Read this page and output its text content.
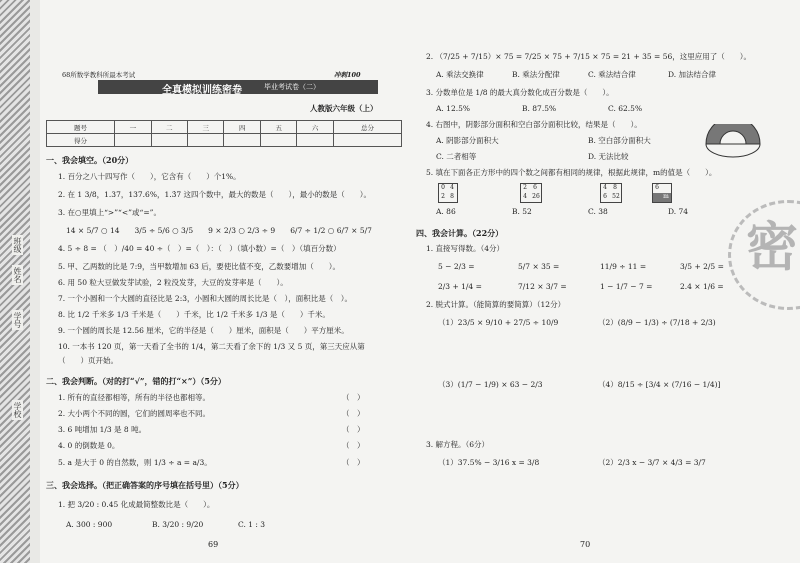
班级
姓名
学号
学校
68所数学教科所最本考试	冲刺100
全真模拟训练密卷	毕业考试卷（二）
人教版六年级（上）
题号	一	二	三	四	五	六	总分
得分							
一、我会填空。（20分）
1. 百分之八十四写作（　　），它含有（　　）个1%。
2. 在 1 3/8，1.37，137.6%，1.3̇7 这四个数中，最大的数是（　　），最小的数是（　　）。
3. 在○里填上“>”“<”或“=”。
14 × 5/7 ○ 14　　3/5 ÷ 5/6 ○ 3/5　　9 × 2/3 ○ 2/3 ÷ 9　　6/7 ÷ 1/2 ○ 6/7 × 5/7
4. 5 ÷ 8 = （　）/40 = 40 ÷（　）=（　）：（　）（填小数）=（　）（填百分数）
5. 甲、乙两数的比是 7:9，当甲数增加 63 后，要使比值不变，乙数要增加（　　）。
6. 用 50 粒大豆做发芽试验，2 粒没发芽，大豆的发芽率是（　　）。
7. 一个小圆和一个大圆的直径比是 2:3，小圆和大圆的周长比是（　），面积比是（　）。
8. 比 1/2 千米多 1/3 千米是（　　）千米，比 1/2 千米多 1/3 是（　　）千米。
9. 一个圆的周长是 12.56 厘米，它的半径是（　　）厘米，面积是（　　）平方厘米。
10. 一本书 120 页，第一天看了全书的 1/4，第二天看了余下的 1/3 又 5 页，第三天应从第
（　　）页开始。
二、我会判断。（对的打“√”，错的打“×”）（5分）
1. 所有的直径都相等，所有的半径也都相等。	（　）
2. 大小两个不同的圆，它们的圆周率也不同。	（　）
3. 6 吨增加 1/3 是 8 吨。	（　）
4. 0 的倒数是 0。	（　）
5. a 是大于 0 的自然数，则 1/3 ÷ a = a/3。	（　）
三、我会选择。（把正确答案的序号填在括号里）（5分）
1. 把 3/20 : 0.45 化成最简整数比是（　　）。
A. 300 : 900	B. 3/20 : 9/20	C. 1 : 3
69
2. （7/25 + 7/15）× 75 = 7/25 × 75 + 7/15 × 75 = 21 + 35 = 56，这里应用了（　　）。
A. 乘法交换律	B. 乘法分配律	C. 乘法结合律	D. 加法结合律
3. 分数单位是 1/8 的最大真分数化成百分数是（　　）。
A. 12.5%	B. 87.5%	C. 62.5%
4. 右图中，阴影部分面积和空白部分面积比较，结果是（　　）。
A. 阴影部分面积大	B. 空白部分面积大
C. 二者相等	D. 无法比较
5. 填在下面各正方形中的四个数之间都有相同的规律，根据此规律，m的值是（　　）。
0 4
2 8
2	6
4 26
4	8
6 52
6
m
A. 86	B. 52	C. 38	D. 74
四、我会计算。（22分）
1. 直接写得数。（4分）
5 − 2/3 =	5/7 × 35 =	11/9 ÷ 11 =	3/5 + 2/5 =
2/3 + 1/4 =	7/12 × 3/7 =	1 − 1/7 − 7 =	2.4 × 1/6 =
2. 脱式计算。（能简算的要简算）（12分）
（1）23/5 × 9/10 + 27/5 ÷ 10/9	（2）(8/9 − 1/3) ÷ (7/18 + 2/3)
（3）(1/7 − 1/9) × 63 − 2/3	（4）8/15 ÷ [3/4 × (7/16 − 1/4)]
3. 解方程。（6分）
（1）37.5% − 3/16 x = 3/8	（2）2/3 x − 3/7 × 4/3 = 3/7
70
密
